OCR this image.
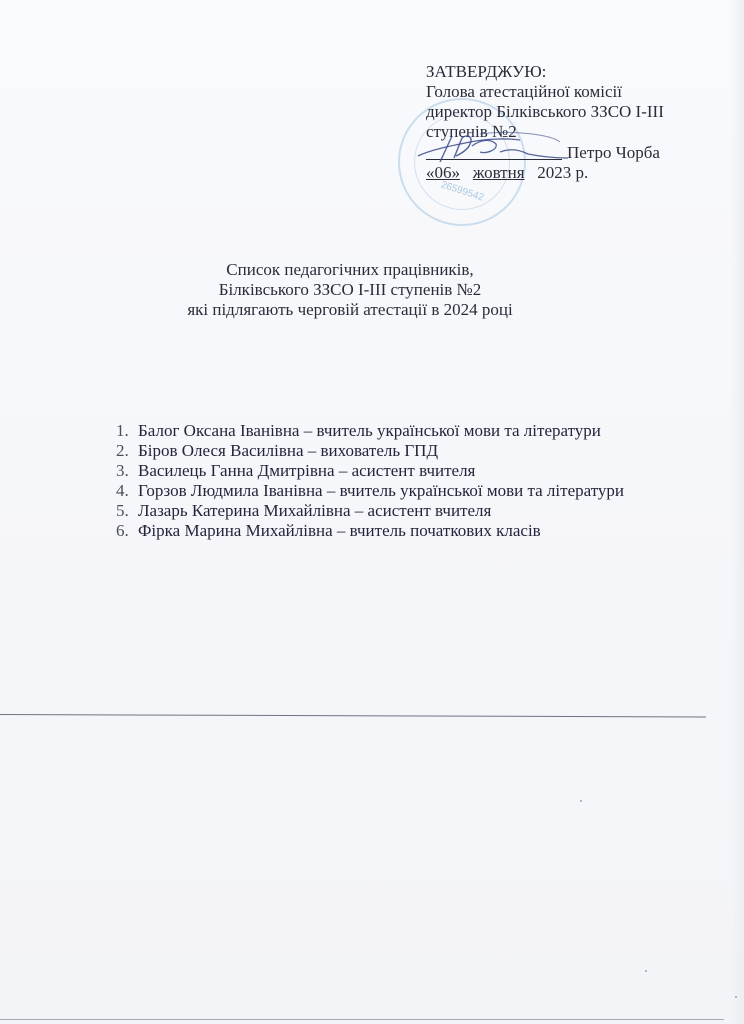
26599542
ЗАТВЕРДЖУЮ:
Голова атестаційної комісії
директор Білківського ЗЗСО І-ІІІ
ступенів №2
Петро Чорба
«06» жовтня 2023 р.
Список педагогічних працівників,
Білківського ЗЗСО І-ІІІ ступенів №2
які підлягають черговій атестації в 2024 році
1. Балог Оксана Іванівна – вчитель української мови та літератури
2. Біров Олеся Василівна – вихователь ГПД
3. Василець Ганна Дмитрівна – асистент вчителя
4. Горзов Людмила Іванівна – вчитель української мови та літератури
5. Лазарь Катерина Михайлівна – асистент вчителя
6. Фірка Марина Михайлівна – вчитель початкових класів
